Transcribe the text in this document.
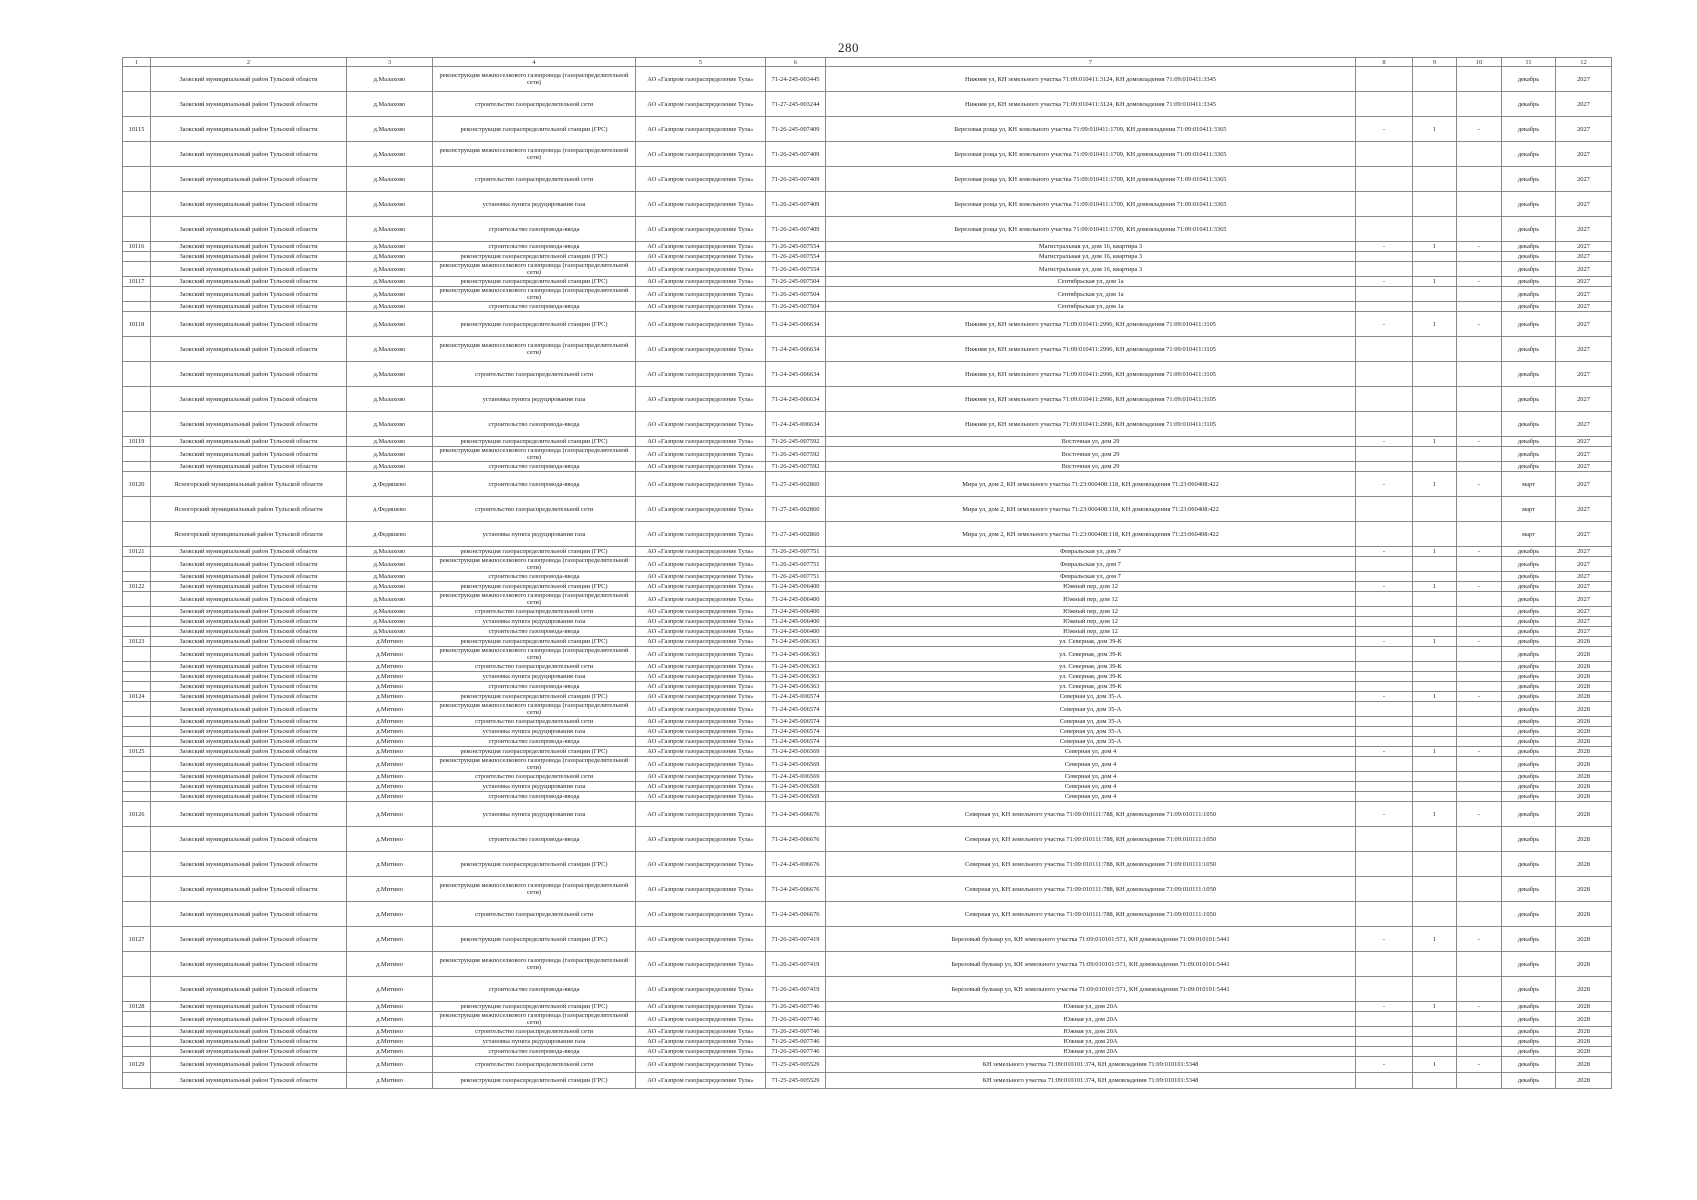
280
1	2	3	4	5	6	7	8	9	10	11	12
	Заокский муниципальный район Тульской области	д.Малахово	реконструкция межпоселкового газопровода (газораспределительной сети)	АО «Газпром газораспределение Тула»	71-24-245-003445	Нижняя ул, КН земельного участка 71:09:010411:3124, КН домовладения 71:09:010411:3345				декабрь	2027
	Заокский муниципальный район Тульской области	д.Малахово	строительство газораспределительной сети	АО «Газпром газораспределение Тула»	71-27-245-003244	Нижняя ул, КН земельного участка 71:09:010411:3124, КН домовладения 71:09:010411:3345				декабрь	2027
10115	Заокский муниципальный район Тульской области	д.Малахово	реконструкция газораспределительной станции (ГРС)	АО «Газпром газораспределение Тула»	71-26-245-007409	Березовая роща ул, КН земельного участка 71:09:010411:1709, КН домовладения 71:09:010411:3365	-	1	-	декабрь	2027
	Заокский муниципальный район Тульской области	д.Малахово	реконструкция межпоселкового газопровода (газораспределительной сети)	АО «Газпром газораспределение Тула»	71-26-245-007409	Березовая роща ул, КН земельного участка 71:09:010411:1709, КН домовладения 71:09:010411:3365				декабрь	2027
	Заокский муниципальный район Тульской области	д.Малахово	строительство газораспределительной сети	АО «Газпром газораспределение Тула»	71-26-245-007409	Березовая роща ул, КН земельного участка 71:09:010411:1709, КН домовладения 71:09:010411:3365				декабрь	2027
	Заокский муниципальный район Тульской области	д.Малахово	установка пункта редуцирования газа	АО «Газпром газораспределение Тула»	71-26-245-007409	Березовая роща ул, КН земельного участка 71:09:010411:1709, КН домовладения 71:09:010411:3365				декабрь	2027
	Заокский муниципальный район Тульской области	д.Малахово	строительство газопровода-ввода	АО «Газпром газораспределение Тула»	71-26-245-007409	Березовая роща ул, КН земельного участка 71:09:010411:1709, КН домовладения 71:09:010411:3365				декабрь	2027
10116	Заокский муниципальный район Тульской области	д.Малахово	строительство газопровода-ввода	АО «Газпром газораспределение Тула»	71-26-245-007554	Магистральная ул, дом 16, квартира 3	-	1	-	декабрь	2027
	Заокский муниципальный район Тульской области	д.Малахово	реконструкция газораспределительной станции (ГРС)	АО «Газпром газораспределение Тула»	71-26-245-007554	Магистральная ул, дом 16, квартира 3				декабрь	2027
	Заокский муниципальный район Тульской области	д.Малахово	реконструкция межпоселкового газопровода (газораспределительной сети)	АО «Газпром газораспределение Тула»	71-26-245-007554	Магистральная ул, дом 16, квартира 3				декабрь	2027
10117	Заокский муниципальный район Тульской области	д.Малахово	реконструкция газораспределительной станции (ГРС)	АО «Газпром газораспределение Тула»	71-26-245-007504	Сентябрьская ул, дом 1а	-	1	-	декабрь	2027
	Заокский муниципальный район Тульской области	д.Малахово	реконструкция межпоселкового газопровода (газораспределительной сети)	АО «Газпром газораспределение Тула»	71-26-245-007504	Сентябрьская ул, дом 1а				декабрь	2027
	Заокский муниципальный район Тульской области	д.Малахово	строительство газопровода-ввода	АО «Газпром газораспределение Тула»	71-26-245-007504	Сентябрьская ул, дом 1а				декабрь	2027
10118	Заокский муниципальный район Тульской области	д.Малахово	реконструкция газораспределительной станции (ГРС)	АО «Газпром газораспределение Тула»	71-24-245-006634	Нижняя ул, КН земельного участка 71:09:010411:2996, КН домовладения 71:09:010411:3105	-	1	-	декабрь	2027
	Заокский муниципальный район Тульской области	д.Малахово	реконструкция межпоселкового газопровода (газораспределительной сети)	АО «Газпром газораспределение Тула»	71-24-245-006634	Нижняя ул, КН земельного участка 71:09:010411:2996, КН домовладения 71:09:010411:3105				декабрь	2027
	Заокский муниципальный район Тульской области	д.Малахово	строительство газораспределительной сети	АО «Газпром газораспределение Тула»	71-24-245-006634	Нижняя ул, КН земельного участка 71:09:010411:2996, КН домовладения 71:09:010411:3105				декабрь	2027
	Заокский муниципальный район Тульской области	д.Малахово	установка пункта редуцирования газа	АО «Газпром газораспределение Тула»	71-24-245-006634	Нижняя ул, КН земельного участка 71:09:010411:2996, КН домовладения 71:09:010411:3105				декабрь	2027
	Заокский муниципальный район Тульской области	д.Малахово	строительство газопровода-ввода	АО «Газпром газораспределение Тула»	71-24-245-006634	Нижняя ул, КН земельного участка 71:09:010411:2996, КН домовладения 71:09:010411:3105				декабрь	2027
10119	Заокский муниципальный район Тульской области	д.Малахово	реконструкция газораспределительной станции (ГРС)	АО «Газпром газораспределение Тула»	71-26-245-007592	Восточная ул, дом 29	-	1	-	декабрь	2027
	Заокский муниципальный район Тульской области	д.Малахово	реконструкция межпоселкового газопровода (газораспределительной сети)	АО «Газпром газораспределение Тула»	71-26-245-007592	Восточная ул, дом 29				декабрь	2027
	Заокский муниципальный район Тульской области	д.Малахово	строительство газопровода-ввода	АО «Газпром газораспределение Тула»	71-26-245-007592	Восточная ул, дом 29				декабрь	2027
10120	Ясногорский муниципальный район Тульской области	д.Федяшево	строительство газопровода-ввода	АО «Газпром газораспределение Тула»	71-27-245-002860	Мира ул, дом 2, КН земельного участка 71:23:060408:118, КН домовладения 71:23:060408:422	-	1	-	март	2027
	Ясногорский муниципальный район Тульской области	д.Федяшево	строительство газораспределительной сети	АО «Газпром газораспределение Тула»	71-27-245-002860	Мира ул, дом 2, КН земельного участка 71:23:060408:118, КН домовладения 71:23:060408:422				март	2027
	Ясногорский муниципальный район Тульской области	д.Федяшево	установка пункта редуцирования газа	АО «Газпром газораспределение Тула»	71-27-245-002860	Мира ул, дом 2, КН земельного участка 71:23:060408:118, КН домовладения 71:23:060408:422				март	2027
10121	Заокский муниципальный район Тульской области	д.Малахово	реконструкция газораспределительной станции (ГРС)	АО «Газпром газораспределение Тула»	71-26-245-007751	Февральская ул, дом 7	-	1	-	декабрь	2027
	Заокский муниципальный район Тульской области	д.Малахово	реконструкция межпоселкового газопровода (газораспределительной сети)	АО «Газпром газораспределение Тула»	71-26-245-007751	Февральская ул, дом 7				декабрь	2027
	Заокский муниципальный район Тульской области	д.Малахово	строительство газопровода-ввода	АО «Газпром газораспределение Тула»	71-26-245-007751	Февральская ул, дом 7				декабрь	2027
10122	Заокский муниципальный район Тульской области	д.Малахово	реконструкция газораспределительной станции (ГРС)	АО «Газпром газораспределение Тула»	71-24-245-006400	Южный пер, дом 12	-	1	-	декабрь	2027
	Заокский муниципальный район Тульской области	д.Малахово	реконструкция межпоселкового газопровода (газораспределительной сети)	АО «Газпром газораспределение Тула»	71-24-245-006400	Южный пер, дом 12				декабрь	2027
	Заокский муниципальный район Тульской области	д.Малахово	строительство газораспределительной сети	АО «Газпром газораспределение Тула»	71-24-245-006400	Южный пер, дом 12				декабрь	2027
	Заокский муниципальный район Тульской области	д.Малахово	установка пункта редуцирования газа	АО «Газпром газораспределение Тула»	71-24-245-006400	Южный пер, дом 12				декабрь	2027
	Заокский муниципальный район Тульской области	д.Малахово	строительство газопровода-ввода	АО «Газпром газораспределение Тула»	71-24-245-006400	Южный пер, дом 12				декабрь	2027
10123	Заокский муниципальный район Тульской области	д.Митино	реконструкция газораспределительной станции (ГРС)	АО «Газпром газораспределение Тула»	71-24-245-006363	ул. Северная, дом 39-К	-	1	-	декабрь	2028
	Заокский муниципальный район Тульской области	д.Митино	реконструкция межпоселкового газопровода (газораспределительной сети)	АО «Газпром газораспределение Тула»	71-24-245-006363	ул. Северная, дом 39-К				декабрь	2028
	Заокский муниципальный район Тульской области	д.Митино	строительство газораспределительной сети	АО «Газпром газораспределение Тула»	71-24-245-006363	ул. Северная, дом 39-К				декабрь	2028
	Заокский муниципальный район Тульской области	д.Митино	установка пункта редуцирования газа	АО «Газпром газораспределение Тула»	71-24-245-006363	ул. Северная, дом 39-К				декабрь	2028
	Заокский муниципальный район Тульской области	д.Митино	строительство газопровода-ввода	АО «Газпром газораспределение Тула»	71-24-245-006363	ул. Северная, дом 39-К				декабрь	2028
10124	Заокский муниципальный район Тульской области	д.Митино	реконструкция газораспределительной станции (ГРС)	АО «Газпром газораспределение Тула»	71-24-245-006574	Северная ул, дом 35-А	-	1	-	декабрь	2028
	Заокский муниципальный район Тульской области	д.Митино	реконструкция межпоселкового газопровода (газораспределительной сети)	АО «Газпром газораспределение Тула»	71-24-245-006574	Северная ул, дом 35-А				декабрь	2028
	Заокский муниципальный район Тульской области	д.Митино	строительство газораспределительной сети	АО «Газпром газораспределение Тула»	71-24-245-006574	Северная ул, дом 35-А				декабрь	2028
	Заокский муниципальный район Тульской области	д.Митино	установка пункта редуцирования газа	АО «Газпром газораспределение Тула»	71-24-245-006574	Северная ул, дом 35-А				декабрь	2028
	Заокский муниципальный район Тульской области	д.Митино	строительство газопровода-ввода	АО «Газпром газораспределение Тула»	71-24-245-006574	Северная ул, дом 35-А				декабрь	2028
10125	Заокский муниципальный район Тульской области	д.Митино	реконструкция газораспределительной станции (ГРС)	АО «Газпром газораспределение Тула»	71-24-245-006569	Северная ул, дом 4	-	1	-	декабрь	2028
	Заокский муниципальный район Тульской области	д.Митино	реконструкция межпоселкового газопровода (газораспределительной сети)	АО «Газпром газораспределение Тула»	71-24-245-006569	Северная ул, дом 4				декабрь	2028
	Заокский муниципальный район Тульской области	д.Митино	строительство газораспределительной сети	АО «Газпром газораспределение Тула»	71-24-245-006569	Северная ул, дом 4				декабрь	2028
	Заокский муниципальный район Тульской области	д.Митино	установка пункта редуцирования газа	АО «Газпром газораспределение Тула»	71-24-245-006569	Северная ул, дом 4				декабрь	2028
	Заокский муниципальный район Тульской области	д.Митино	строительство газопровода-ввода	АО «Газпром газораспределение Тула»	71-24-245-006569	Северная ул, дом 4				декабрь	2028
10126	Заокский муниципальный район Тульской области	д.Митино	установка пункта редуцирования газа	АО «Газпром газораспределение Тула»	71-24-245-006676	Северная ул, КН земельного участка 71:09:010111:788, КН домовладения 71:09:010111:1050	-	1	-	декабрь	2028
	Заокский муниципальный район Тульской области	д.Митино	строительство газопровода-ввода	АО «Газпром газораспределение Тула»	71-24-245-006676	Северная ул, КН земельного участка 71:09:010111:788, КН домовладения 71:09:010111:1050				декабрь	2028
	Заокский муниципальный район Тульской области	д.Митино	реконструкция газораспределительной станции (ГРС)	АО «Газпром газораспределение Тула»	71-24-245-006676	Северная ул, КН земельного участка 71:09:010111:788, КН домовладения 71:09:010111:1050				декабрь	2028
	Заокский муниципальный район Тульской области	д.Митино	реконструкция межпоселкового газопровода (газораспределительной сети)	АО «Газпром газораспределение Тула»	71-24-245-006676	Северная ул, КН земельного участка 71:09:010111:788, КН домовладения 71:09:010111:1050				декабрь	2028
	Заокский муниципальный район Тульской области	д.Митино	строительство газораспределительной сети	АО «Газпром газораспределение Тула»	71-24-245-006676	Северная ул, КН земельного участка 71:09:010111:788, КН домовладения 71:09:010111:1050				декабрь	2028
10127	Заокский муниципальный район Тульской области	д.Митино	реконструкция газораспределительной станции (ГРС)	АО «Газпром газораспределение Тула»	71-26-245-007419	Березовый бульвар ул, КН земельного участка 71:09:010101:571, КН домовладения 71:09:010101:5441	-	1	-	декабрь	2028
	Заокский муниципальный район Тульской области	д.Митино	реконструкция межпоселкового газопровода (газораспределительной сети)	АО «Газпром газораспределение Тула»	71-26-245-007419	Березовый бульвар ул, КН земельного участка 71:09:010101:571, КН домовладения 71:09:010101:5441				декабрь	2028
	Заокский муниципальный район Тульской области	д.Митино	строительство газопровода-ввода	АО «Газпром газораспределение Тула»	71-26-245-007419	Березовый бульвар ул, КН земельного участка 71:09:010101:571, КН домовладения 71:09:010101:5441				декабрь	2028
10128	Заокский муниципальный район Тульской области	д.Митино	реконструкция газораспределительной станции (ГРС)	АО «Газпром газораспределение Тула»	71-26-245-007746	Южная ул, дом 20А	-	1	-	декабрь	2028
	Заокский муниципальный район Тульской области	д.Митино	реконструкция межпоселкового газопровода (газораспределительной сети)	АО «Газпром газораспределение Тула»	71-26-245-007746	Южная ул, дом 20А				декабрь	2028
	Заокский муниципальный район Тульской области	д.Митино	строительство газораспределительной сети	АО «Газпром газораспределение Тула»	71-26-245-007746	Южная ул, дом 20А				декабрь	2028
	Заокский муниципальный район Тульской области	д.Митино	установка пункта редуцирования газа	АО «Газпром газораспределение Тула»	71-26-245-007746	Южная ул, дом 20А				декабрь	2028
	Заокский муниципальный район Тульской области	д.Митино	строительство газопровода-ввода	АО «Газпром газораспределение Тула»	71-26-245-007746	Южная ул, дом 20А				декабрь	2028
10129	Заокский муниципальный район Тульской области	д.Митино	строительство газораспределительной сети	АО «Газпром газораспределение Тула»	71-25-245-005529	КН земельного участка 71:09:010101:374, КН домовладения 71:09:010101:5348	-	1	-	декабрь	2028
	Заокский муниципальный район Тульской области	д.Митино	реконструкция газораспределительной станции (ГРС)	АО «Газпром газораспределение Тула»	71-25-245-005529	КН земельного участка 71:09:010101:374, КН домовладения 71:09:010101:5348				декабрь	2028
